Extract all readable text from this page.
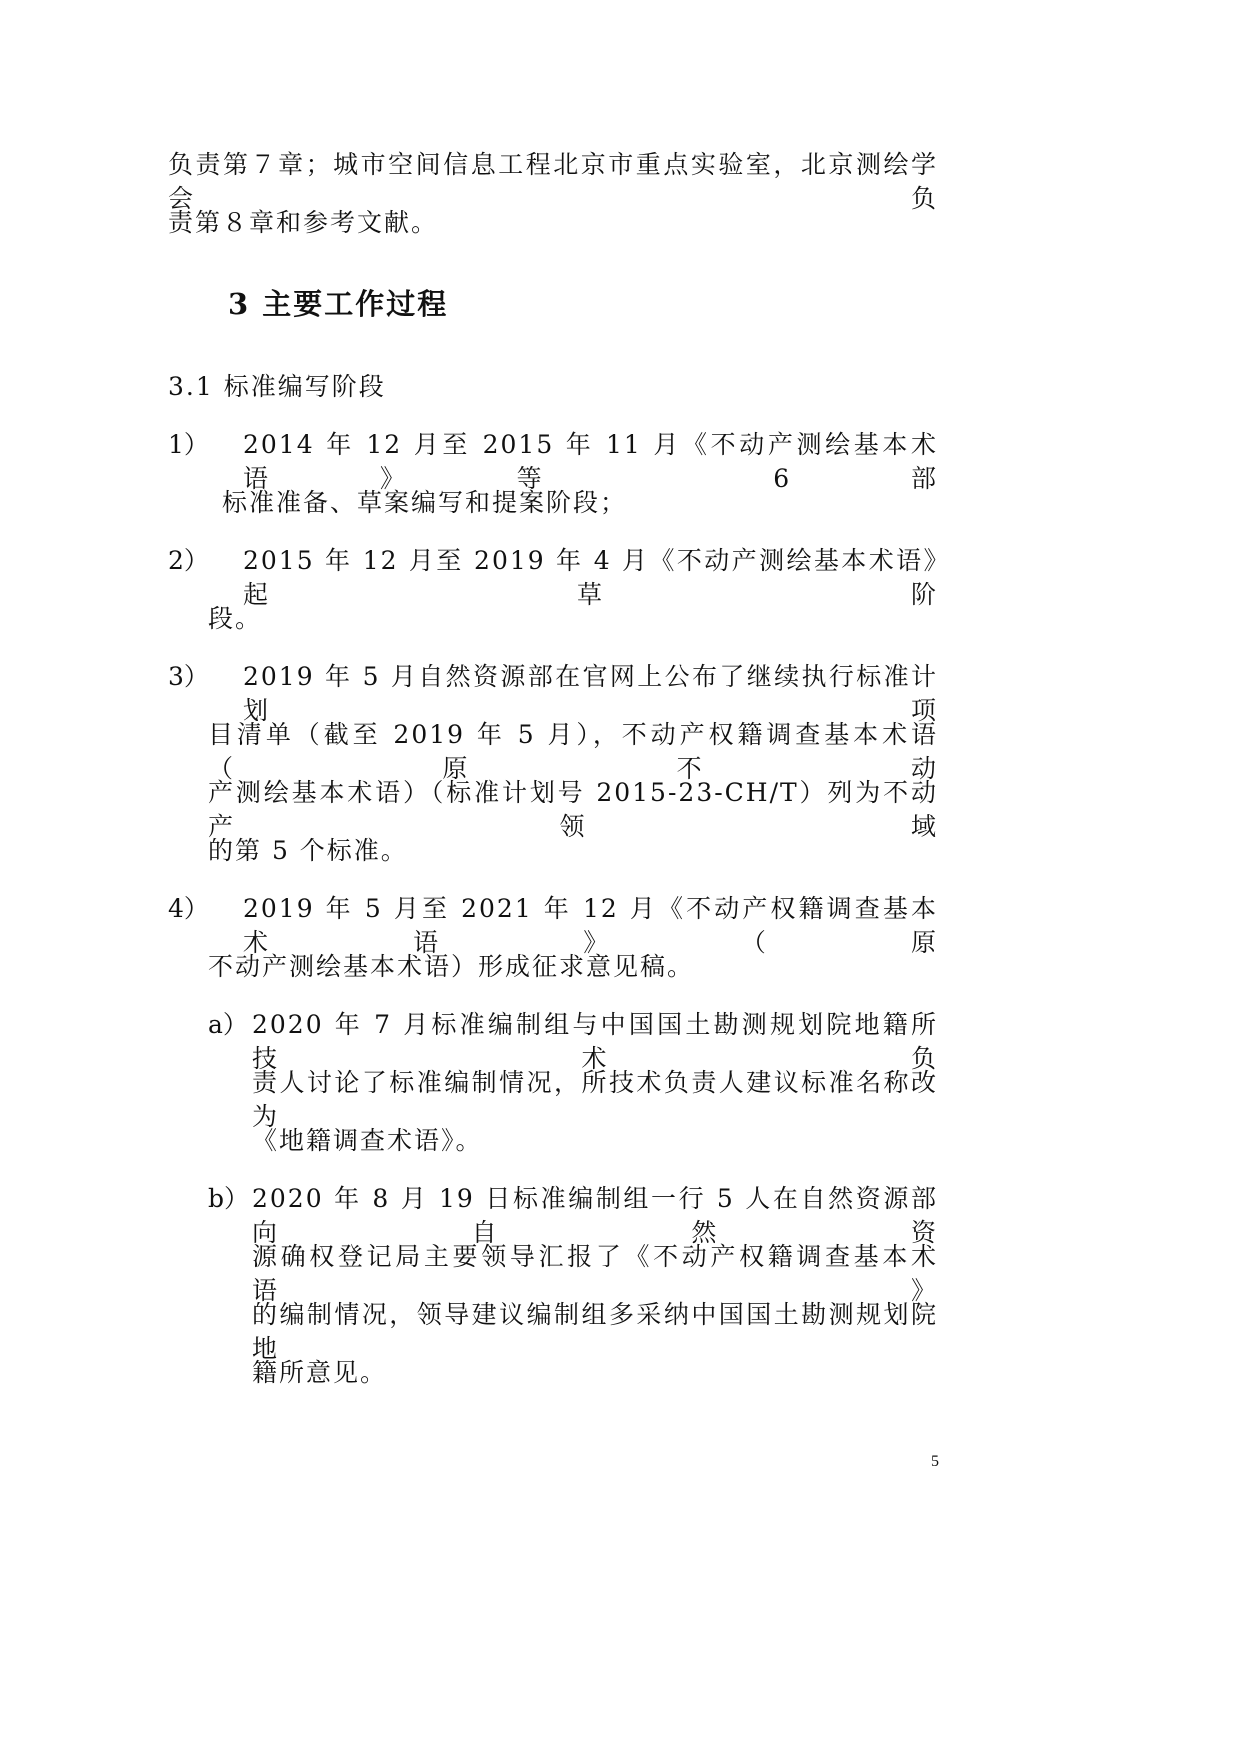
负责第７章；城市空间信息工程北京市重点实验室，北京测绘学会负
责第８章和参考文献。
3 主要工作过程
3.1 标准编写阶段
1） 2014 年 12 月至 2015 年 11 月《不动产测绘基本术语》等 6 部
标准准备、草案编写和提案阶段；
2） 2015 年 12 月至 2019 年 4 月《不动产测绘基本术语》起草阶
段。
3） 2019 年 5 月自然资源部在官网上公布了继续执行标准计划项
目清单（截至 2019 年 5 月），不动产权籍调查基本术语（原不动
产测绘基本术语）（标准计划号 2015-23-CH/T）列为不动产领域
的第 5 个标准。
4） 2019 年 5 月至 2021 年 12 月《不动产权籍调查基本术语》（原
不动产测绘基本术语）形成征求意见稿。
a） 2020 年 7 月标准编制组与中国国土勘测规划院地籍所技术负
责人讨论了标准编制情况，所技术负责人建议标准名称改为
《地籍调查术语》。
b） 2020 年 8 月 19 日标准编制组一行 5 人在自然资源部向自然资
源确权登记局主要领导汇报了《不动产权籍调查基本术语》
的编制情况，领导建议编制组多采纳中国国土勘测规划院地
籍所意见。
5
